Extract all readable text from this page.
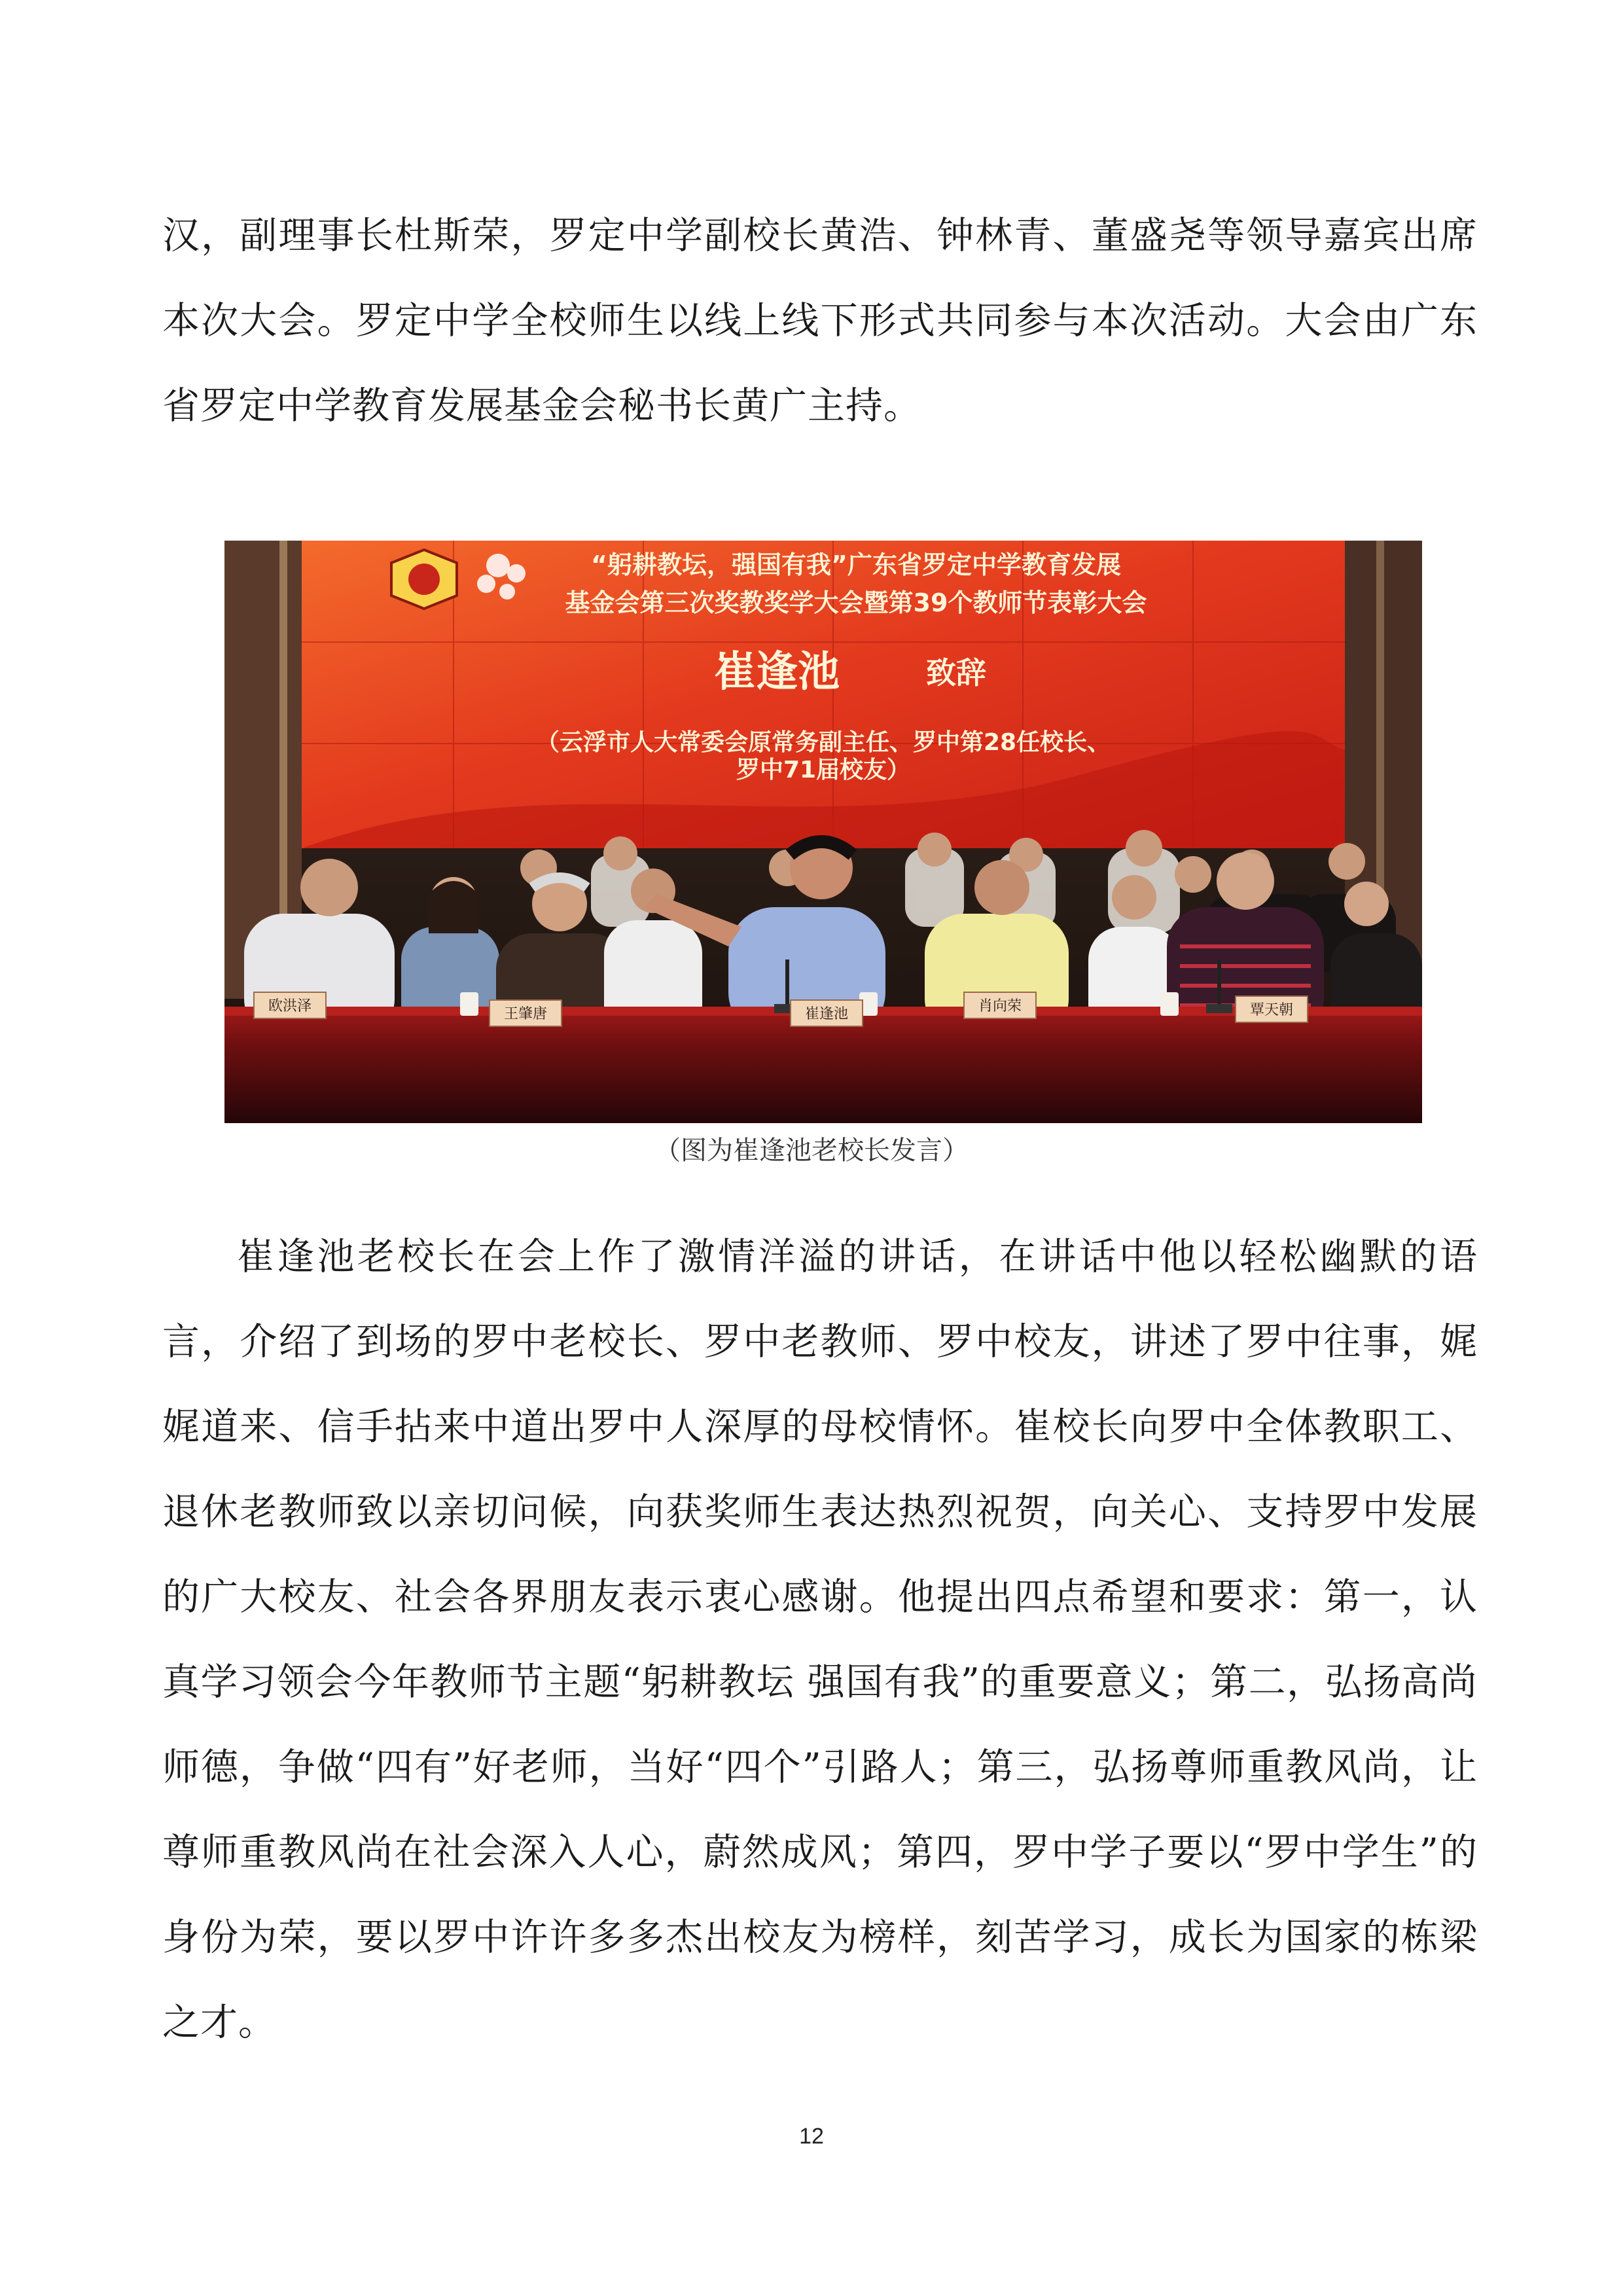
汉，副理事长杜斯荣，罗定中学副校长黄浩、钟林青、董盛尧等领导嘉宾出席本次大会。罗定中学全校师生以线上线下形式共同参与本次活动。大会由广东省罗定中学教育发展基金会秘书长黄广主持。

“躬耕教坛，强国有我”广东省罗定中学教育发展
基金会第三次奖教奖学大会暨第39个教师节表彰大会
崔逢池	致辞
（云浮市人大常委会原常务副主任、罗中第28任校长、
罗中71届校友）
欧洪泽	王肇唐	崔逢池	肖向荣	覃天朝
（图为崔逢池老校长发言）

崔逢池老校长在会上作了激情洋溢的讲话，在讲话中他以轻松幽默的语言，介绍了到场的罗中老校长、罗中老教师、罗中校友，讲述了罗中往事，娓娓道来、信手拈来中道出罗中人深厚的母校情怀。崔校长向罗中全体教职工、退休老教师致以亲切问候，向获奖师生表达热烈祝贺，向关心、支持罗中发展的广大校友、社会各界朋友表示衷心感谢。他提出四点希望和要求：第一，认真学习领会今年教师节主题“躬耕教坛 强国有我”的重要意义；第二，弘扬高尚师德，争做“四有”好老师，当好“四个”引路人；第三，弘扬尊师重教风尚，让尊师重教风尚在社会深入人心，蔚然成风；第四，罗中学子要以“罗中学生”的身份为荣，要以罗中许许多多杰出校友为榜样，刻苦学习，成长为国家的栋梁之才。

12
